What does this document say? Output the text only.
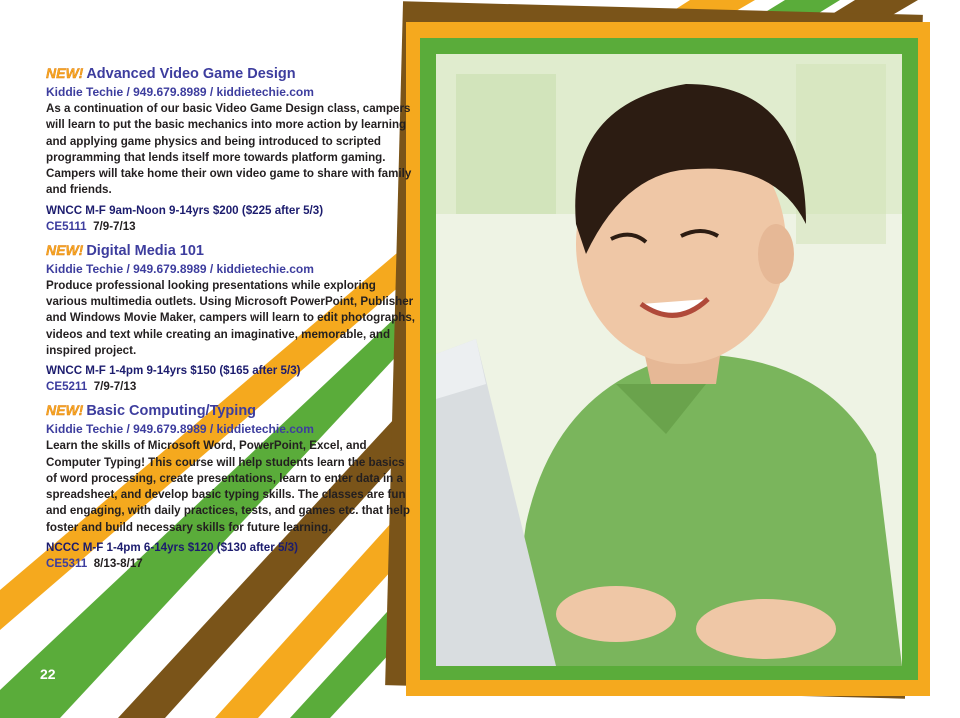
NEW! Advanced Video Game Design
Kiddie Techie / 949.679.8989 / kiddietechie.com
As a continuation of our basic Video Game Design class, campers will learn to put the basic mechanics into more action by learning and applying game physics and being introduced to scripted programming that lends itself more towards platform gaming. Campers will take home their own video game to share with family and friends.
WNCC M-F 9am-Noon 9-14yrs $200 ($225 after 5/3)
CE5111 7/9-7/13
NEW! Digital Media 101
Kiddie Techie / 949.679.8989 / kiddietechie.com
Produce professional looking presentations while exploring various multimedia outlets. Using Microsoft PowerPoint, Publisher and Windows Movie Maker, campers will learn to edit photographs, videos and text while creating an imaginative, memorable, and inspired project.
WNCC M-F 1-4pm 9-14yrs $150 ($165 after 5/3)
CE5211 7/9-7/13
NEW! Basic Computing/Typing
Kiddie Techie / 949.679.8989 / kiddietechie.com
Learn the skills of Microsoft Word, PowerPoint, Excel, and Computer Typing! This course will help students learn the basics of word processing, create presentations, learn to enter data in a spreadsheet, and develop basic typing skills. The classes are fun and engaging, with daily practices, tests, and games etc. that help foster and build necessary skills for future learning.
NCCC M-F 1-4pm 6-14yrs $120 ($130 after 5/3)
CE5311 8/13-8/17
22
